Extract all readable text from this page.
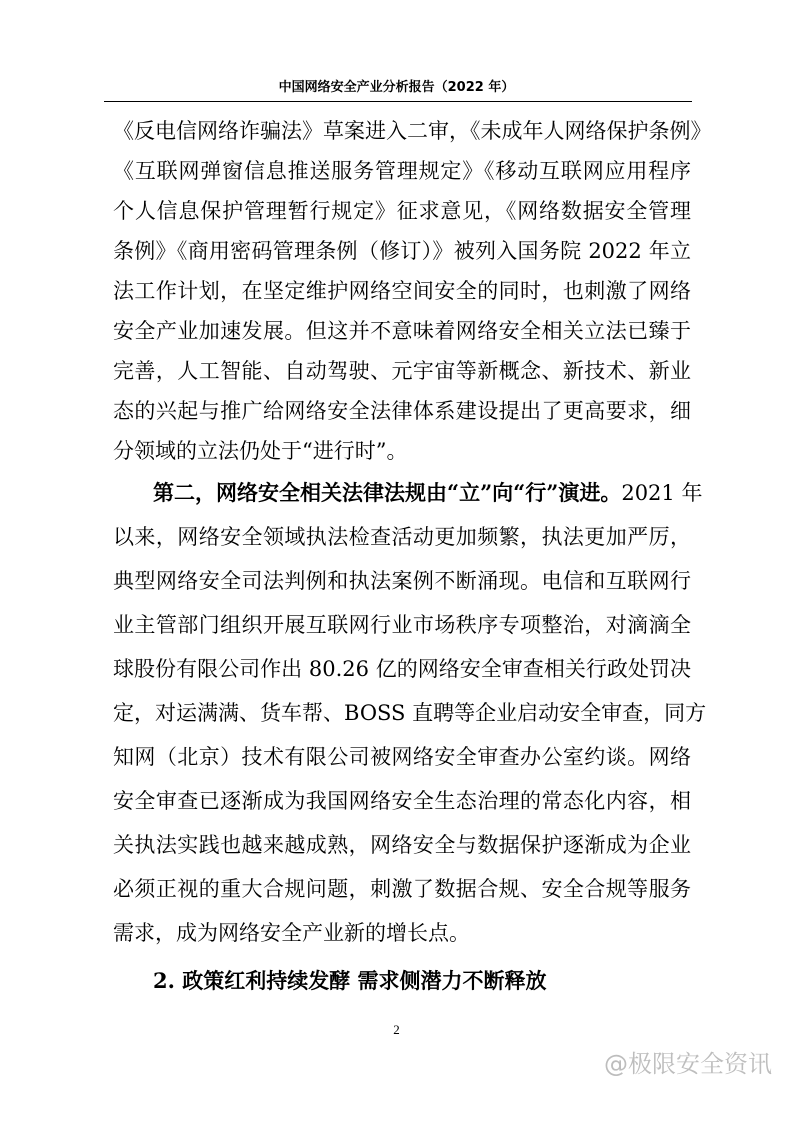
中国网络安全产业分析报告（2022 年）
《反电信网络诈骗法》草案进入二审，《未成年人网络保护条例》
《互联网弹窗信息推送服务管理规定》《移动互联网应用程序
个人信息保护管理暂行规定》征求意见，《网络数据安全管理
条例》《商用密码管理条例（修订）》被列入国务院 2022 年立
法工作计划，在坚定维护网络空间安全的同时，也刺激了网络
安全产业加速发展。但这并不意味着网络安全相关立法已臻于
完善，人工智能、自动驾驶、元宇宙等新概念、新技术、新业
态的兴起与推广给网络安全法律体系建设提出了更高要求，细
分领域的立法仍处于“进行时”。
第二，网络安全相关法律法规由“立”向“行”演进。2021 年
以来，网络安全领域执法检查活动更加频繁，执法更加严厉，
典型网络安全司法判例和执法案例不断涌现。电信和互联网行
业主管部门组织开展互联网行业市场秩序专项整治，对滴滴全
球股份有限公司作出 80.26 亿的网络安全审查相关行政处罚决
定，对运满满、货车帮、BOSS 直聘等企业启动安全审查，同方
知网（北京）技术有限公司被网络安全审查办公室约谈。网络
安全审查已逐渐成为我国网络安全生态治理的常态化内容，相
关执法实践也越来越成熟，网络安全与数据保护逐渐成为企业
必须正视的重大合规问题，刺激了数据合规、安全合规等服务
需求，成为网络安全产业新的增长点。
2. 政策红利持续发酵 需求侧潜力不断释放
2
@极限安全资讯
